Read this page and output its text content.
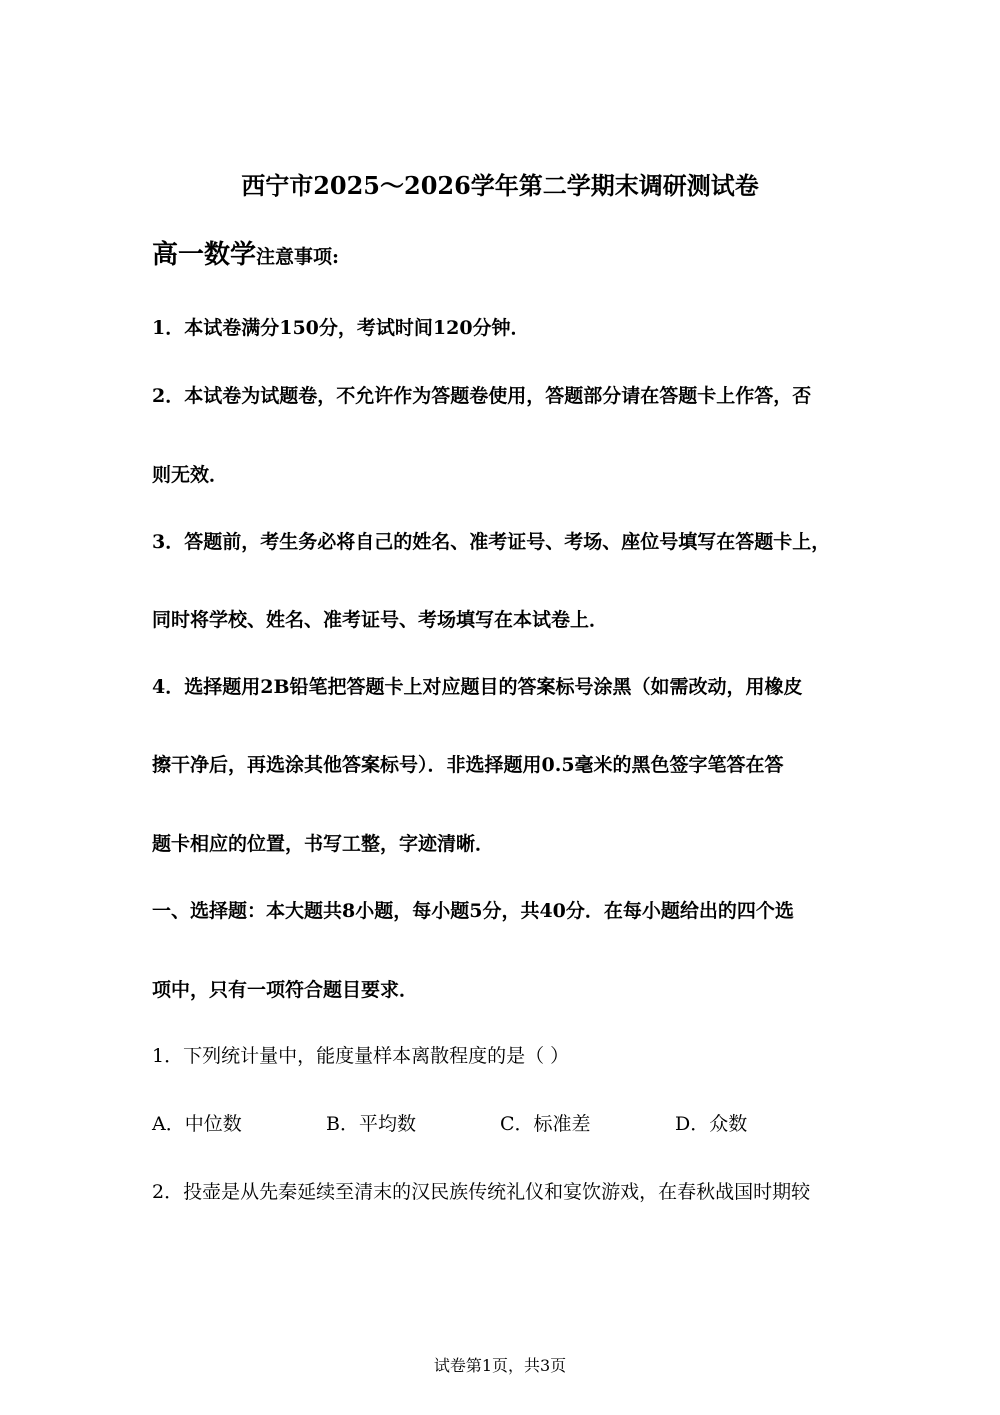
西宁市2025～2026学年第二学期末调研测试卷
高一数学注意事项:
1．本试卷满分150分，考试时间120分钟．
2．本试卷为试题卷，不允许作为答题卷使用，答题部分请在答题卡上作答，否
则无效．
3．答题前，考生务必将自己的姓名、准考证号、考场、座位号填写在答题卡上，
同时将学校、姓名、准考证号、考场填写在本试卷上．
4．选择题用2B铅笔把答题卡上对应题目的答案标号涂黑（如需改动，用橡皮
擦干净后，再选涂其他答案标号）．非选择题用0.5毫米的黑色签字笔答在答
题卡相应的位置，书写工整，字迹清晰．
一、选择题：本大题共8小题，每小题5分，共40分．在每小题给出的四个选
项中，只有一项符合题目要求．
1．下列统计量中，能度量样本离散程度的是（ ）
A．中位数	B．平均数	C．标准差	D．众数
2．投壶是从先秦延续至清末的汉民族传统礼仪和宴饮游戏，在春秋战国时期较
试卷第1页，共3页
